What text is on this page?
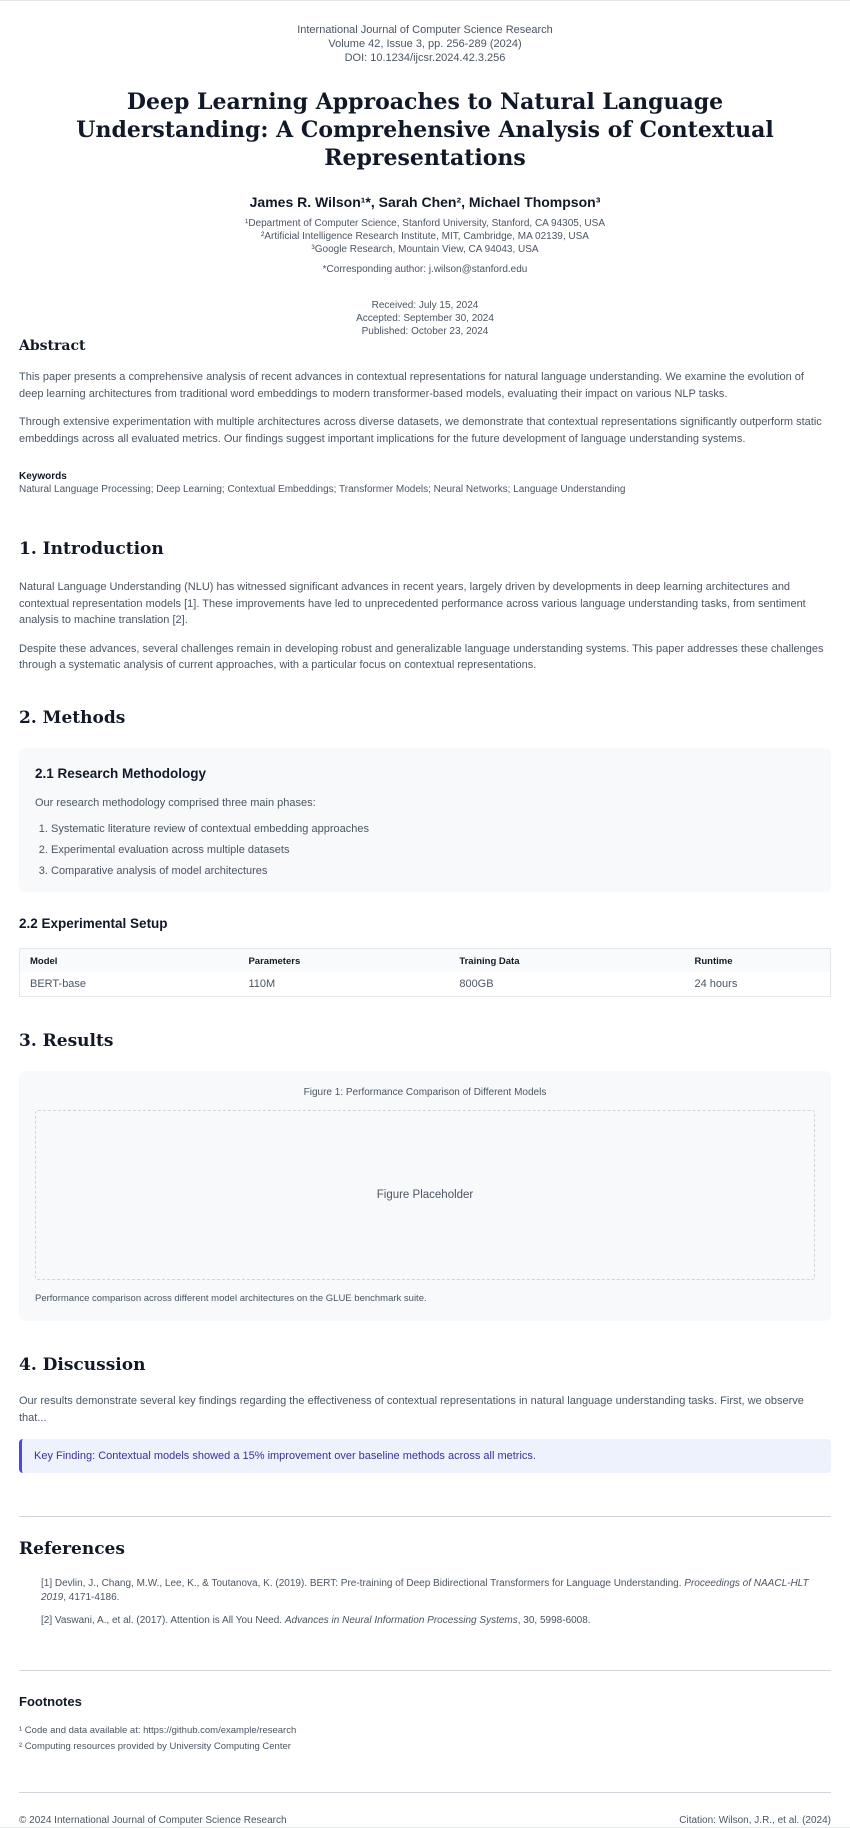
International Journal of Computer Science Research
Volume 42, Issue 3, pp. 256-289 (2024)
DOI: 10.1234/ijcsr.2024.42.3.256
Deep Learning Approaches to Natural Language Understanding: A Comprehensive Analysis of Contextual Representations
James R. Wilson¹*, Sarah Chen², Michael Thompson³
¹Department of Computer Science, Stanford University, Stanford, CA 94305, USA
²Artificial Intelligence Research Institute, MIT, Cambridge, MA 02139, USA
³Google Research, Mountain View, CA 94043, USA
*Corresponding author: j.wilson@stanford.edu
Received: July 15, 2024
Accepted: September 30, 2024
Published: October 23, 2024
Abstract

This paper presents a comprehensive analysis of recent advances in contextual representations for natural language understanding. We examine the evolution of deep learning architectures from traditional word embeddings to modern transformer-based models, evaluating their impact on various NLP tasks.

Through extensive experimentation with multiple architectures across diverse datasets, we demonstrate that contextual representations significantly outperform static embeddings across all evaluated metrics. Our findings suggest important implications for the future development of language understanding systems.

Keywords
Natural Language Processing; Deep Learning; Contextual Embeddings; Transformer Models; Neural Networks; Language Understanding
1. Introduction

Natural Language Understanding (NLU) has witnessed significant advances in recent years, largely driven by developments in deep learning architectures and contextual representation models [1]. These improvements have led to unprecedented performance across various language understanding tasks, from sentiment analysis to machine translation [2].

Despite these advances, several challenges remain in developing robust and generalizable language understanding systems. This paper addresses these challenges through a systematic analysis of current approaches, with a particular focus on contextual representations.

2. Methods
2.1 Research Methodology

Our research methodology comprised three main phases:

1. Systematic literature review of contextual embedding approaches
2. Experimental evaluation across multiple datasets
3. Comparative analysis of model architectures
2.2 Experimental Setup
Model	Parameters	Training Data	Runtime
BERT-base	110M	800GB	24 hours
3. Results
Figure 1: Performance Comparison of Different Models
Figure Placeholder
Performance comparison across different model architectures on the GLUE benchmark suite.
4. Discussion

Our results demonstrate several key findings regarding the effectiveness of contextual representations in natural language understanding tasks. First, we observe that...

Key Finding: Contextual models showed a 15% improvement over baseline methods across all metrics.
References
[1] Devlin, J., Chang, M.W., Lee, K., & Toutanova, K. (2019). BERT: Pre-training of Deep Bidirectional Transformers for Language Understanding. Proceedings of NAACL-HLT 2019, 4171-4186.
[2] Vaswani, A., et al. (2017). Attention is All You Need. Advances in Neural Information Processing Systems, 30, 5998-6008.
Footnotes
¹ Code and data available at: https://github.com/example/research
² Computing resources provided by University Computing Center
© 2024 International Journal of Computer Science Research	Citation: Wilson, J.R., et al. (2024)
